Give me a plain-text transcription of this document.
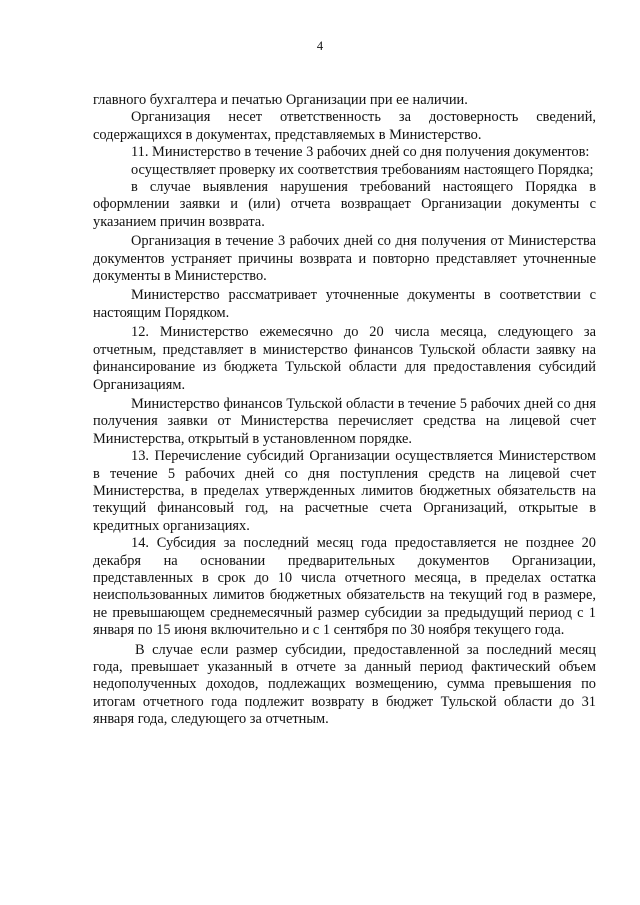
4

главного бухгалтера и печатью Организации при ее наличии.

Организация несет ответственность за достоверность сведений, содержащихся в документах, представляемых в Министерство.

11. Министерство в течение 3 рабочих дней со дня получения документов:

осуществляет проверку их соответствия требованиям настоящего Порядка;

в случае выявления нарушения требований настоящего Порядка в оформлении заявки и (или) отчета возвращает Организации документы с указанием причин возврата.

Организация в течение 3 рабочих дней со дня получения от Министерства документов устраняет причины возврата и повторно представляет уточненные документы в Министерство.

Министерство рассматривает уточненные документы в соответствии с настоящим Порядком.

12. Министерство ежемесячно до 20 числа месяца, следующего за отчетным, представляет в министерство финансов Тульской области заявку на финансирование из бюджета Тульской области для предоставления субсидий Организациям.

Министерство финансов Тульской области в течение 5 рабочих дней со дня получения заявки от Министерства перечисляет средства на лицевой счет Министерства, открытый в установленном порядке.

13. Перечисление субсидий Организации осуществляется Министерством в течение 5 рабочих дней со дня поступления средств на лицевой счет Министерства, в пределах утвержденных лимитов бюджетных обязательств на текущий финансовый год, на расчетные счета Организаций, открытые в кредитных организациях.

14. Субсидия за последний месяц года предоставляется не позднее 20 декабря на основании предварительных документов Организации, представленных в срок до 10 числа отчетного месяца, в пределах остатка неиспользованных лимитов бюджетных обязательств на текущий год в размере, не превышающем среднемесячный размер субсидии за предыдущий период с 1 января по 15 июня включительно и с 1 сентября по 30 ноября текущего года.

В случае если размер субсидии, предоставленной за последний месяц года, превышает указанный в отчете за данный период фактический объем недополученных доходов, подлежащих возмещению, сумма превышения по итогам отчетного года подлежит возврату в бюджет Тульской области до 31 января года, следующего за отчетным.
